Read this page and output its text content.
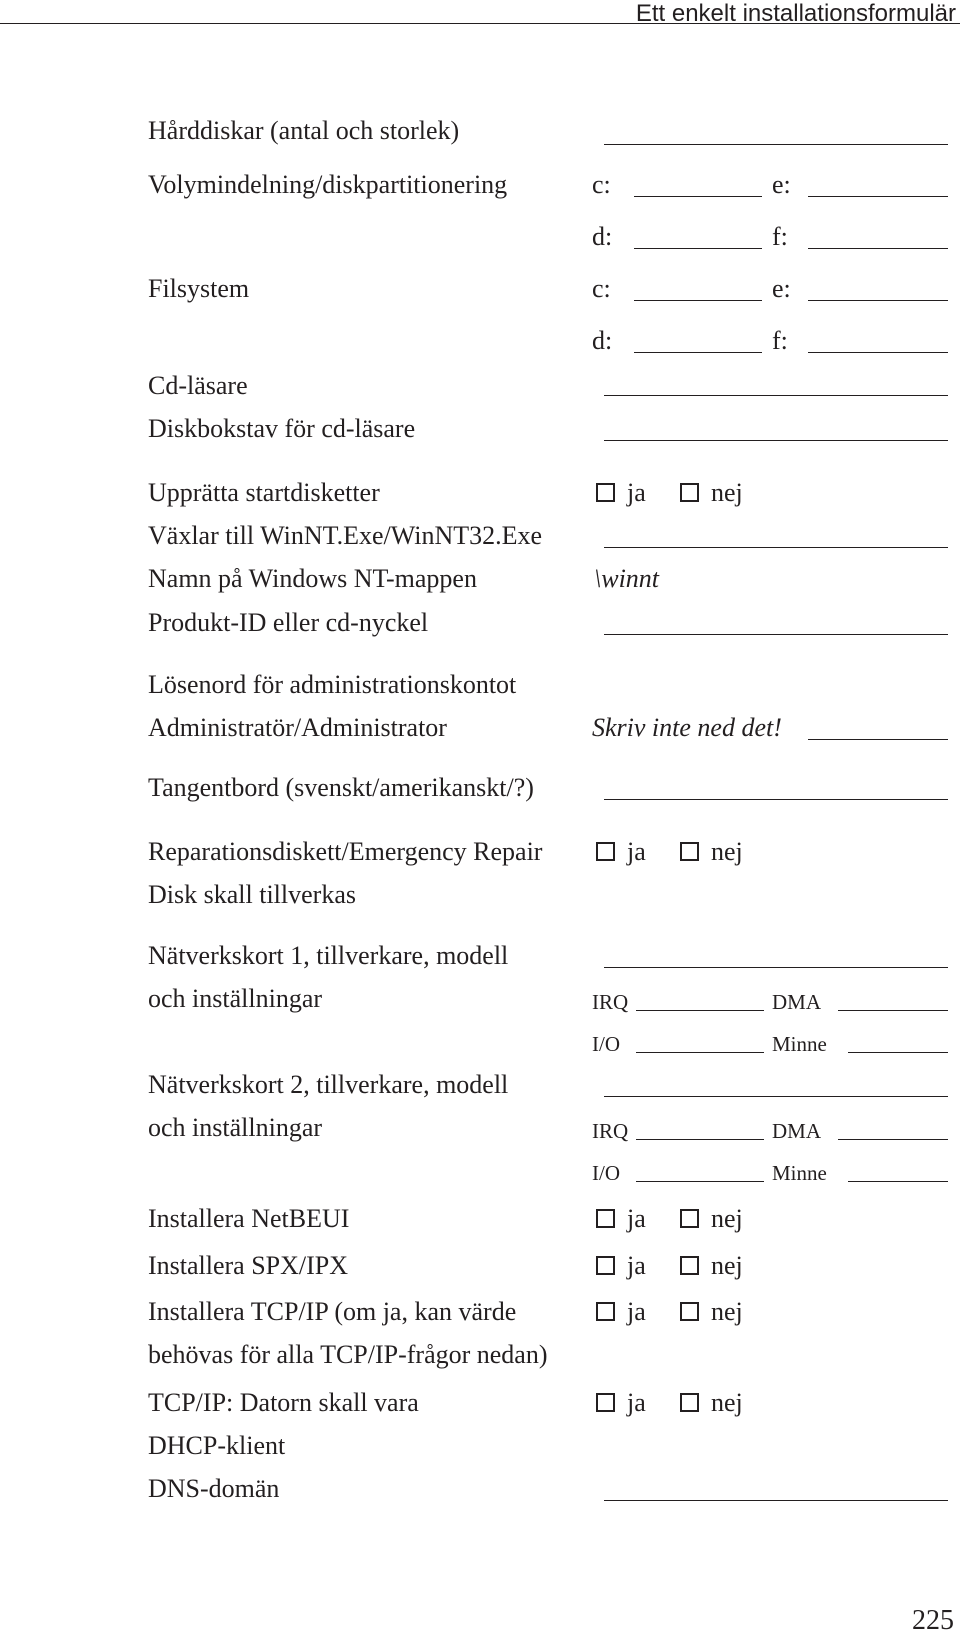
Ett enkelt installationsformulär
Hårddiskar (antal och storlek)
Volymindelning/diskpartitionering	c:	e:
d:	f:
Filsystem	c:	e:
d:	f:
Cd-läsare
Diskbokstav för cd-läsare
Upprätta startdisketter	ja	nej
Växlar till WinNT.Exe/WinNT32.Exe
Namn på Windows NT-mappen	\winnt
Produkt-ID eller cd-nyckel
Lösenord för administrationskontot
Administratör/Administrator	Skriv inte ned det!
Tangentbord (svenskt/amerikanskt/?)
Reparationsdiskett/Emergency Repair	ja	nej
Disk skall tillverkas
Nätverkskort 1, tillverkare, modell
och inställningar	IRQ	DMA
I/O	Minne
Nätverkskort 2, tillverkare, modell
och inställningar	IRQ	DMA
I/O	Minne
Installera NetBEUI	ja	nej
Installera SPX/IPX	ja	nej
Installera TCP/IP (om ja, kan värde	ja	nej
behövas för alla TCP/IP-frågor nedan)
TCP/IP: Datorn skall vara	ja	nej
DHCP-klient
DNS-domän
225
